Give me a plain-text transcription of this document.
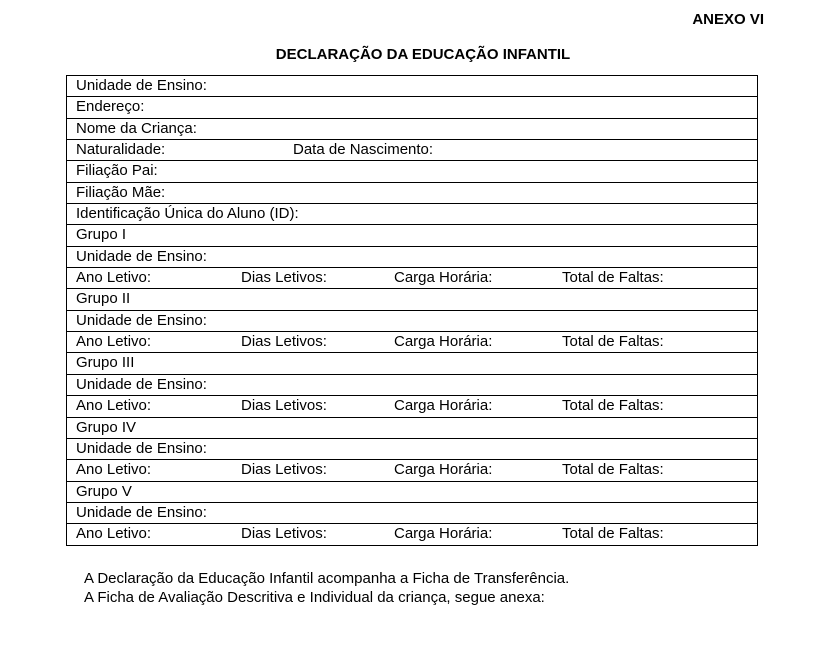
ANEXO VI
DECLARAÇÃO DA EDUCAÇÃO INFANTIL
Unidade de Ensino:
Endereço:
Nome da Criança:
Naturalidade:	Data de Nascimento:
Filiação Pai:
Filiação Mãe:
Identificação Única do Aluno (ID):
Grupo I
Unidade de Ensino:
Ano Letivo:	Dias Letivos:	Carga Horária:	Total de Faltas:
Grupo II
Unidade de Ensino:
Ano Letivo:	Dias Letivos:	Carga Horária:	Total de Faltas:
Grupo III
Unidade de Ensino:
Ano Letivo:	Dias Letivos:	Carga Horária:	Total de Faltas:
Grupo IV
Unidade de Ensino:
Ano Letivo:	Dias Letivos:	Carga Horária:	Total de Faltas:
Grupo V
Unidade de Ensino:
Ano Letivo:	Dias Letivos:	Carga Horária:	Total de Faltas:
A Declaração da Educação Infantil acompanha a Ficha de Transferência.
A Ficha de Avaliação Descritiva e Individual da criança, segue anexa:
